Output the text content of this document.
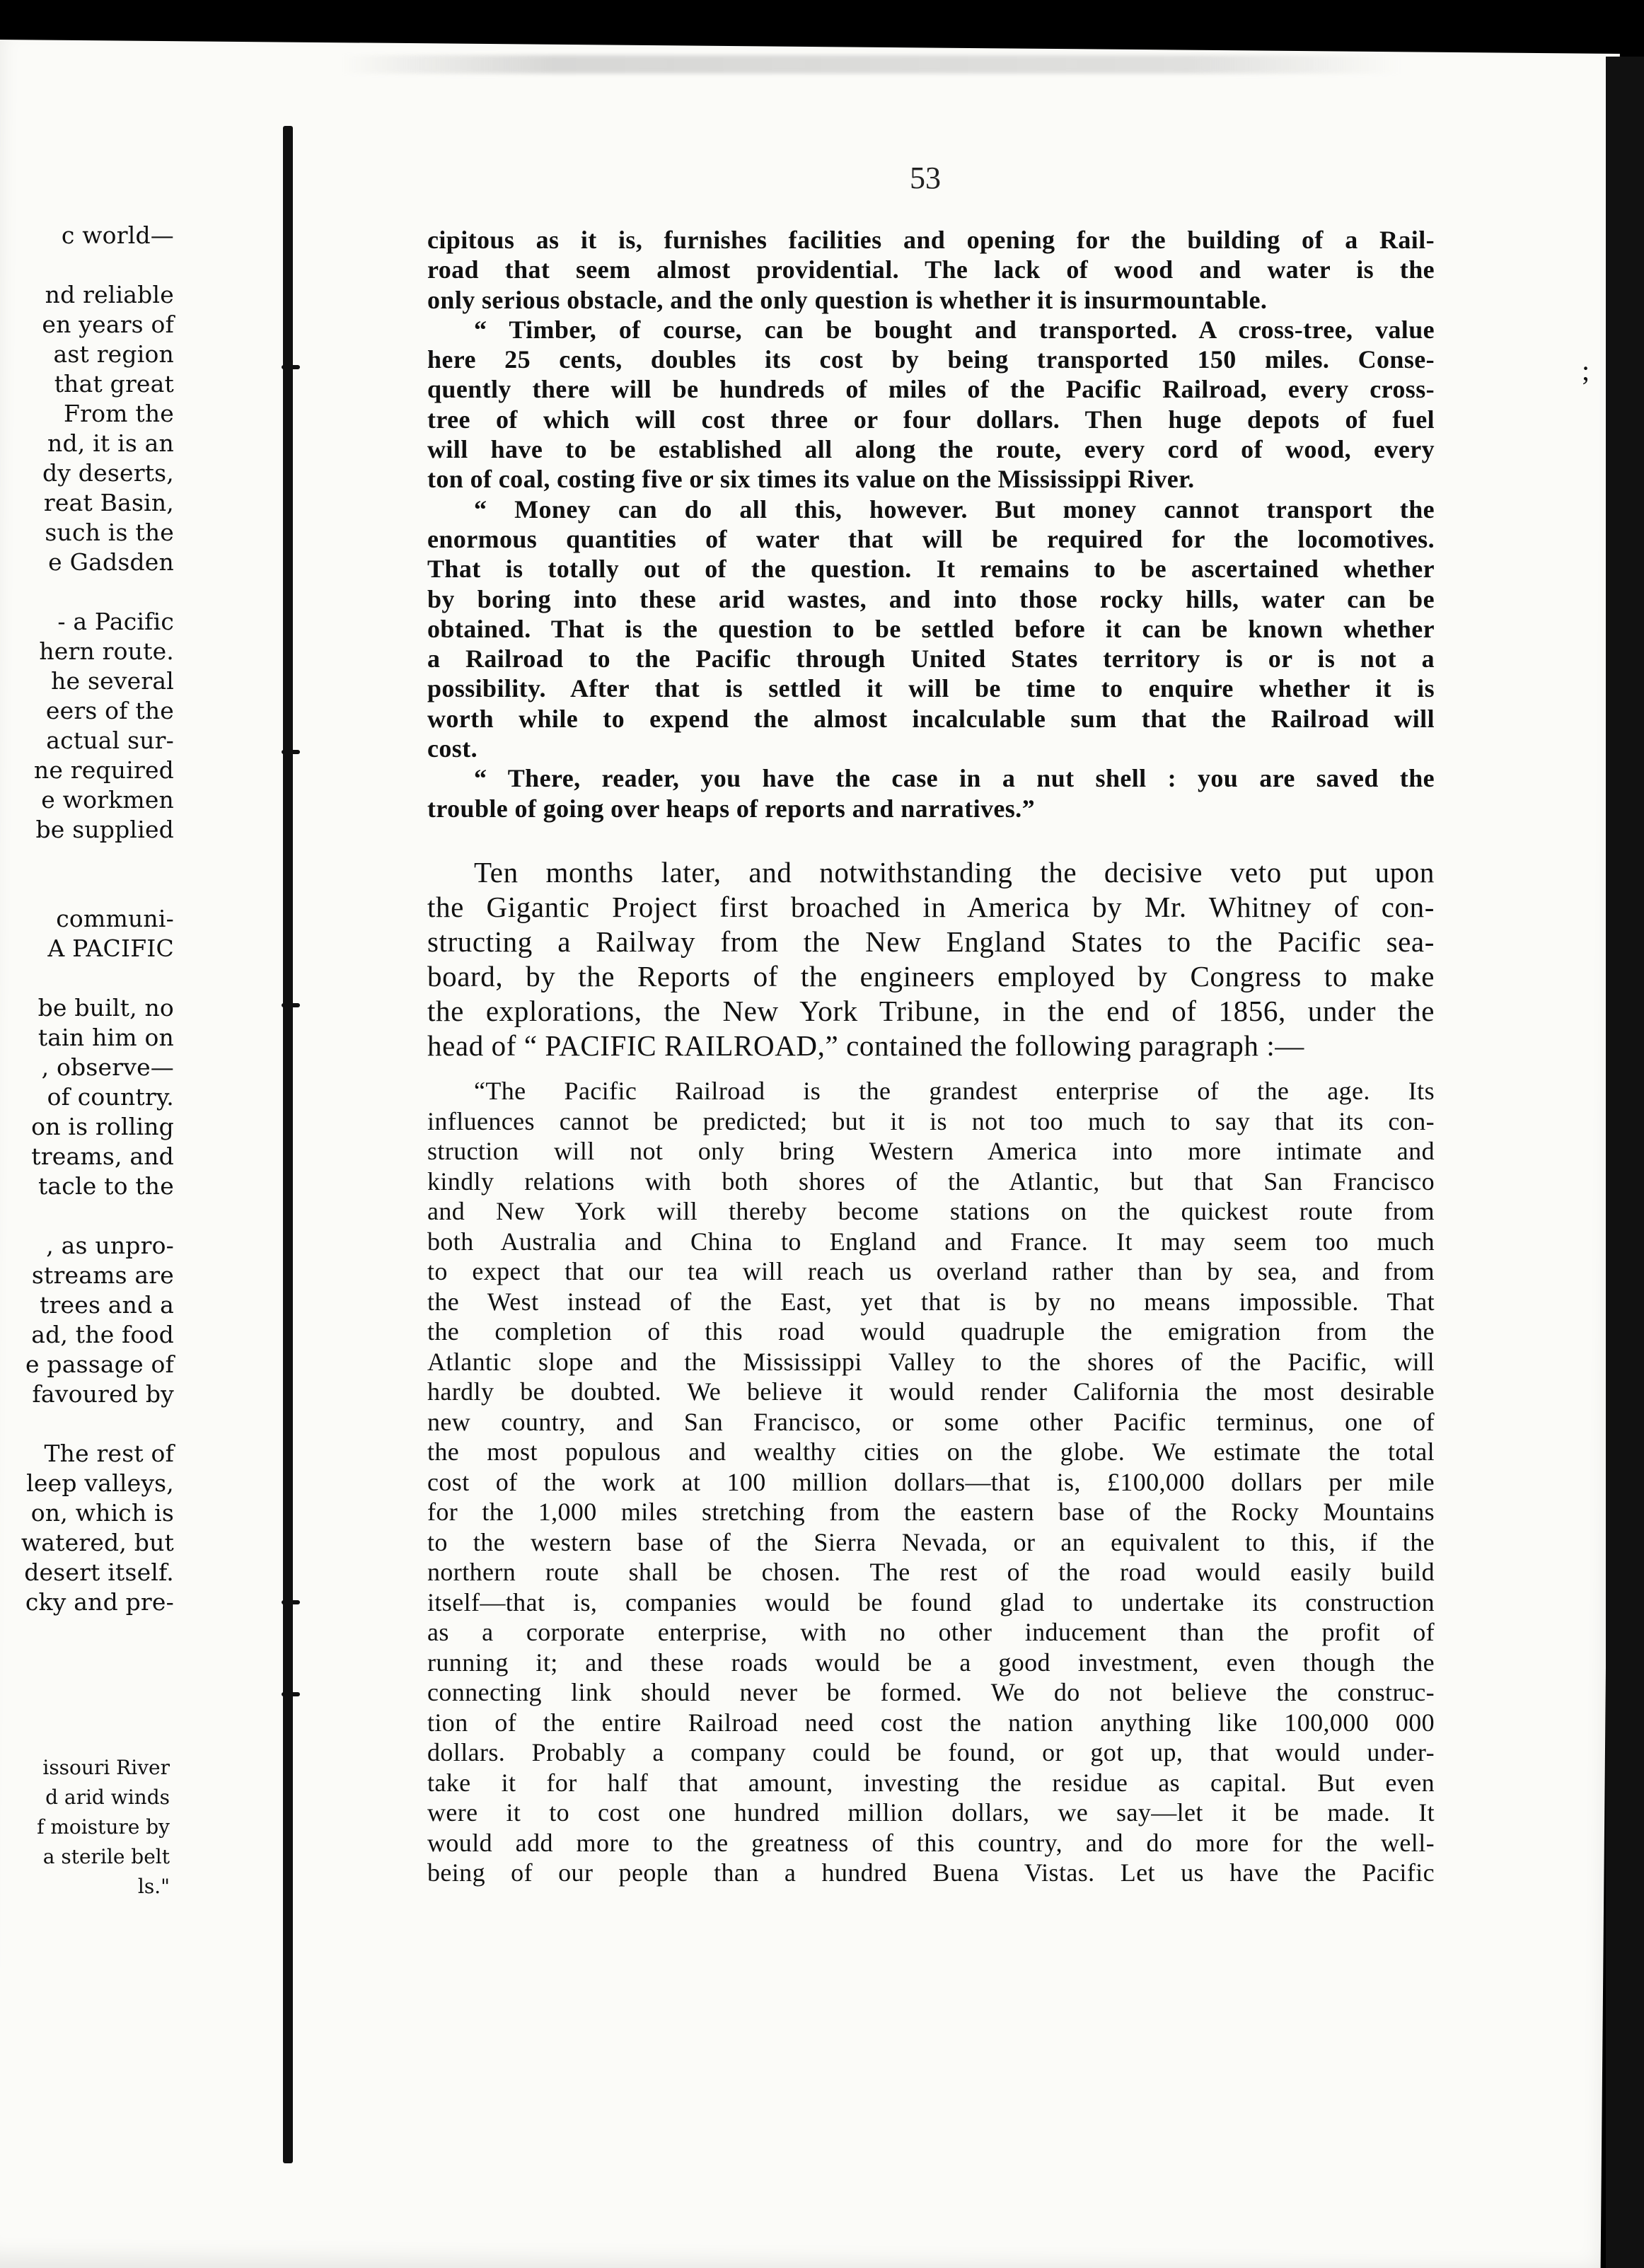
;
c world—
nd reliable
en years of
ast region
that great
From the
nd, it is an
dy deserts,
reat Basin,
such is the
e Gadsden
- a Pacific
hern route.
he several
eers of the
actual sur-
ne required
e workmen
be supplied
communi-
A PACIFIC
be built, no
tain him on
, observe—
of country.
on is rolling
treams, and
tacle to the
, as unpro-
streams are
trees and a
ad, the food
e passage of
favoured by
The rest of
leep valleys,
on, which is
watered, but
desert itself.
cky and pre-
issouri River
d arid winds
f moisture by
a sterile belt
ls."
53
cipitous as it is, furnishes facilities and opening for the building of a Rail-
road that seem almost providential. The lack of wood and water is the
only serious obstacle, and the only question is whether it is insurmountable.
“ Timber, of course, can be bought and transported. A cross-tree, value
here 25 cents, doubles its cost by being transported 150 miles. Conse-
quently there will be hundreds of miles of the Pacific Railroad, every cross-
tree of which will cost three or four dollars. Then huge depots of fuel
will have to be established all along the route, every cord of wood, every
ton of coal, costing five or six times its value on the Mississippi River.
“ Money can do all this, however. But money cannot transport the
enormous quantities of water that will be required for the locomotives.
That is totally out of the question. It remains to be ascertained whether
by boring into these arid wastes, and into those rocky hills, water can be
obtained. That is the question to be settled before it can be known whether
a Railroad to the Pacific through United States territory is or is not a
possibility. After that is settled it will be time to enquire whether it is
worth while to expend the almost incalculable sum that the Railroad will
cost.
“ There, reader, you have the case in a nut shell : you are saved the
trouble of going over heaps of reports and narratives.”
Ten months later, and notwithstanding the decisive veto put upon
the Gigantic Project first broached in America by Mr. Whitney of con-
structing a Railway from the New England States to the Pacific sea-
board, by the Reports of the engineers employed by Congress to make
the explorations, the New York Tribune, in the end of 1856, under the
head of “ PACIFIC RAILROAD,” contained the following paragraph :—
“The Pacific Railroad is the grandest enterprise of the age. Its
influences cannot be predicted; but it is not too much to say that its con-
struction will not only bring Western America into more intimate and
kindly relations with both shores of the Atlantic, but that San Francisco
and New York will thereby become stations on the quickest route from
both Australia and China to England and France. It may seem too much
to expect that our tea will reach us overland rather than by sea, and from
the West instead of the East, yet that is by no means impossible. That
the completion of this road would quadruple the emigration from the
Atlantic slope and the Mississippi Valley to the shores of the Pacific, will
hardly be doubted. We believe it would render California the most desirable
new country, and San Francisco, or some other Pacific terminus, one of
the most populous and wealthy cities on the globe. We estimate the total
cost of the work at 100 million dollars—that is, £100,000 dollars per mile
for the 1,000 miles stretching from the eastern base of the Rocky Mountains
to the western base of the Sierra Nevada, or an equivalent to this, if the
northern route shall be chosen. The rest of the road would easily build
itself—that is, companies would be found glad to undertake its construction
as a corporate enterprise, with no other inducement than the profit of
running it; and these roads would be a good investment, even though the
connecting link should never be formed. We do not believe the construc-
tion of the entire Railroad need cost the nation anything like 100,000 000
dollars. Probably a company could be found, or got up, that would under-
take it for half that amount, investing the residue as capital. But even
were it to cost one hundred million dollars, we say—let it be made. It
would add more to the greatness of this country, and do more for the well-
being of our people than a hundred Buena Vistas. Let us have the Pacific
